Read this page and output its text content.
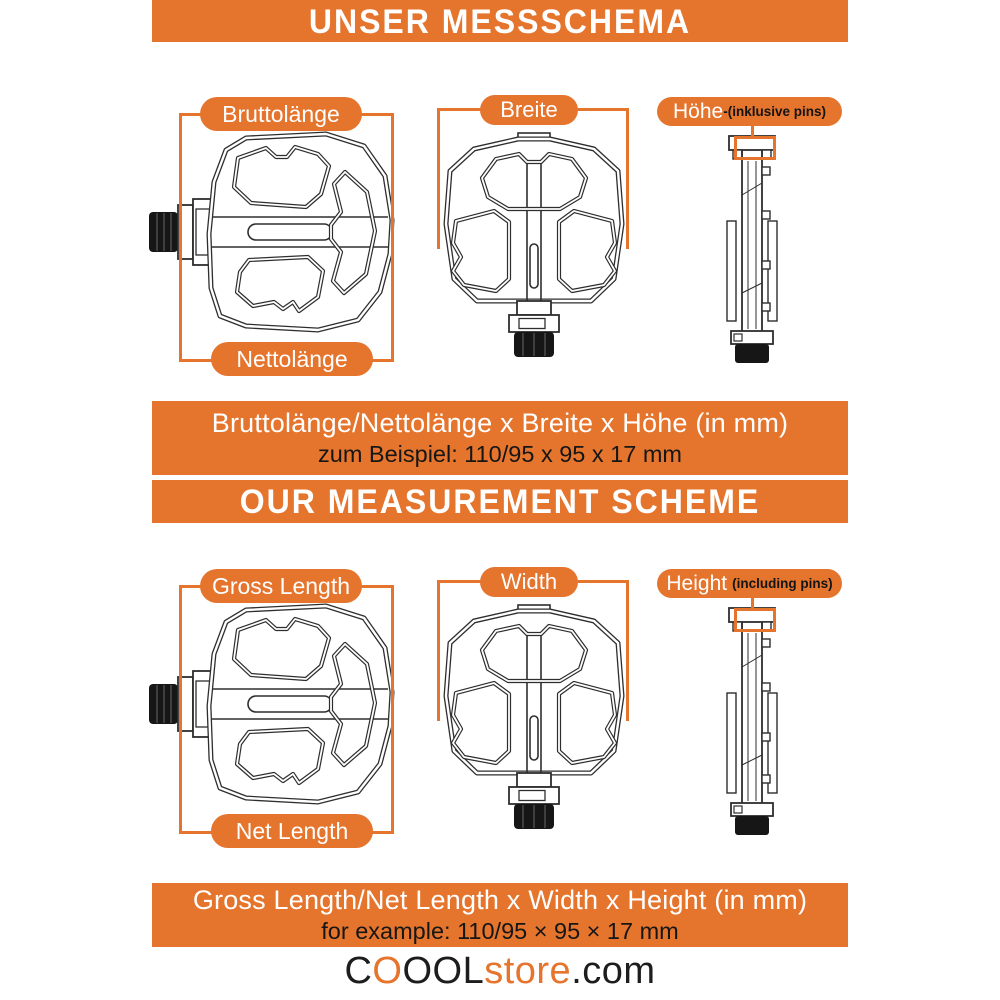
UNSER MESSSCHEMA
Bruttolänge
Nettolänge
Breite	Höhe -(inklusive pins)
Bruttolänge/Nettolänge x Breite x Höhe (in mm)
zum Beispiel: 110/95 x 95 x 17 mm
OUR MEASUREMENT SCHEME
Gross Length
Net Length
Width	Height (including pins)
Gross Length/Net Length x Width x Height (in mm)
for example: 110/95 × 95 × 17 mm
COOOLstore.com
